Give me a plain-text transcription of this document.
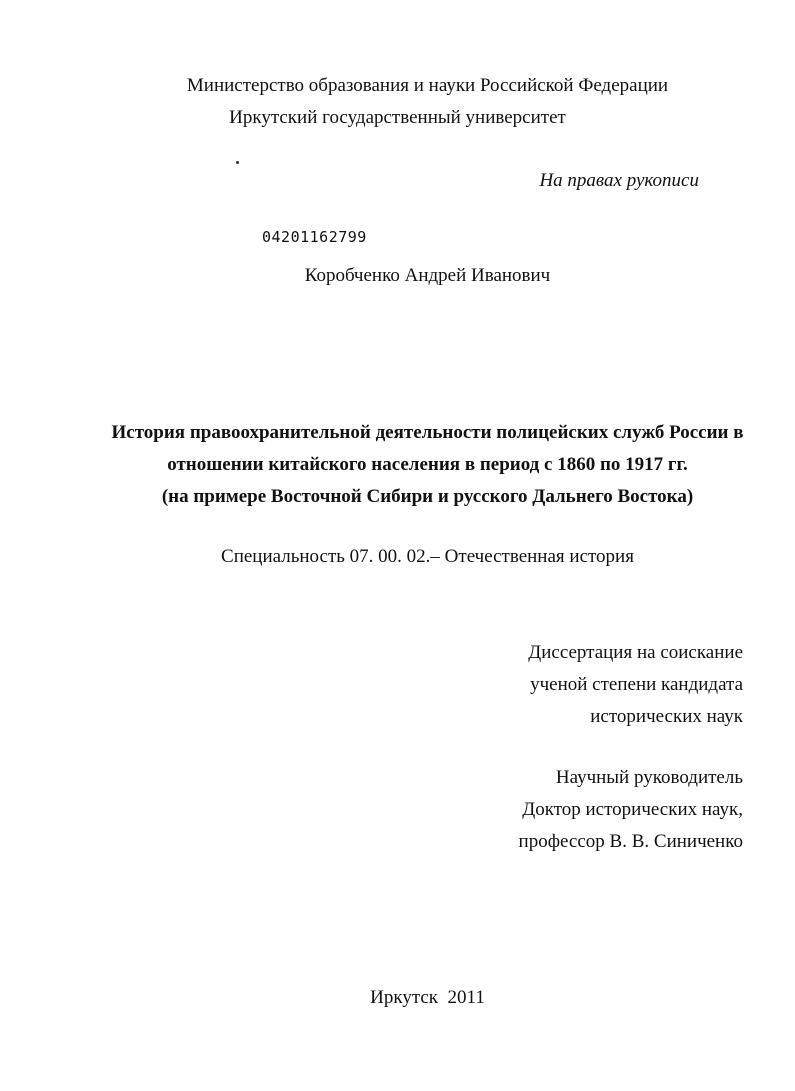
Министерство образования и науки Российской Федерации
Иркутский государственный университет
На правах рукописи
04201162799
Коробченко Андрей Иванович
История правоохранительной деятельности полицейских служб России в
отношении китайского населения в период с 1860 по 1917 гг.
(на примере Восточной Сибири и русского Дальнего Востока)
Специальность 07. 00. 02.– Отечественная история
Диссертация на соискание
ученой степени кандидата
исторических наук
Научный руководитель
Доктор исторических наук,
профессор В. В. Синиченко
Иркутск  2011
